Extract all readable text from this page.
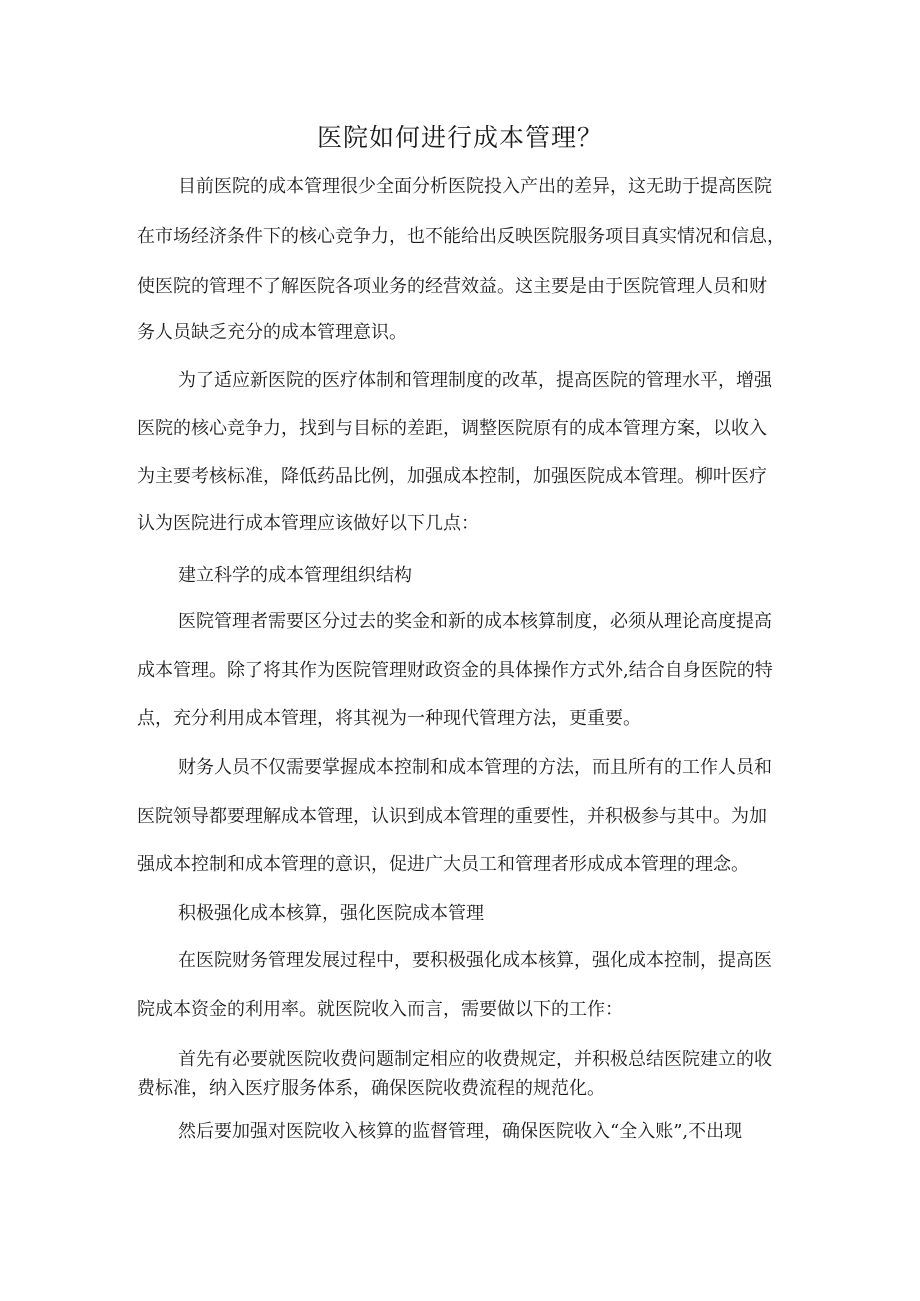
医院如何进行成本管理？

目前医院的成本管理很少全面分析医院投入产出的差异，这无助于提高医院

在市场经济条件下的核心竞争力，也不能给出反映医院服务项目真实情况和信息，

使医院的管理不了解医院各项业务的经营效益。这主要是由于医院管理人员和财

务人员缺乏充分的成本管理意识。

为了适应新医院的医疗体制和管理制度的改革，提高医院的管理水平，增强

医院的核心竞争力，找到与目标的差距，调整医院原有的成本管理方案，以收入

为主要考核标准，降低药品比例，加强成本控制，加强医院成本管理。柳叶医疗

认为医院进行成本管理应该做好以下几点：

建立科学的成本管理组织结构

医院管理者需要区分过去的奖金和新的成本核算制度，必须从理论高度提高

成本管理。除了将其作为医院管理财政资金的具体操作方式外,结合自身医院的特

点，充分利用成本管理，将其视为一种现代管理方法，更重要。

财务人员不仅需要掌握成本控制和成本管理的方法，而且所有的工作人员和

医院领导都要理解成本管理，认识到成本管理的重要性，并积极参与其中。为加

强成本控制和成本管理的意识，促进广大员工和管理者形成成本管理的理念。

积极强化成本核算，强化医院成本管理

在医院财务管理发展过程中，要积极强化成本核算，强化成本控制，提高医

院成本资金的利用率。就医院收入而言，需要做以下的工作：

首先有必要就医院收费问题制定相应的收费规定，并积极总结医院建立的收

费标准，纳入医疗服务体系，确保医院收费流程的规范化。

然后要加强对医院收入核算的监督管理，确保医院收入“全入账”,不出现
